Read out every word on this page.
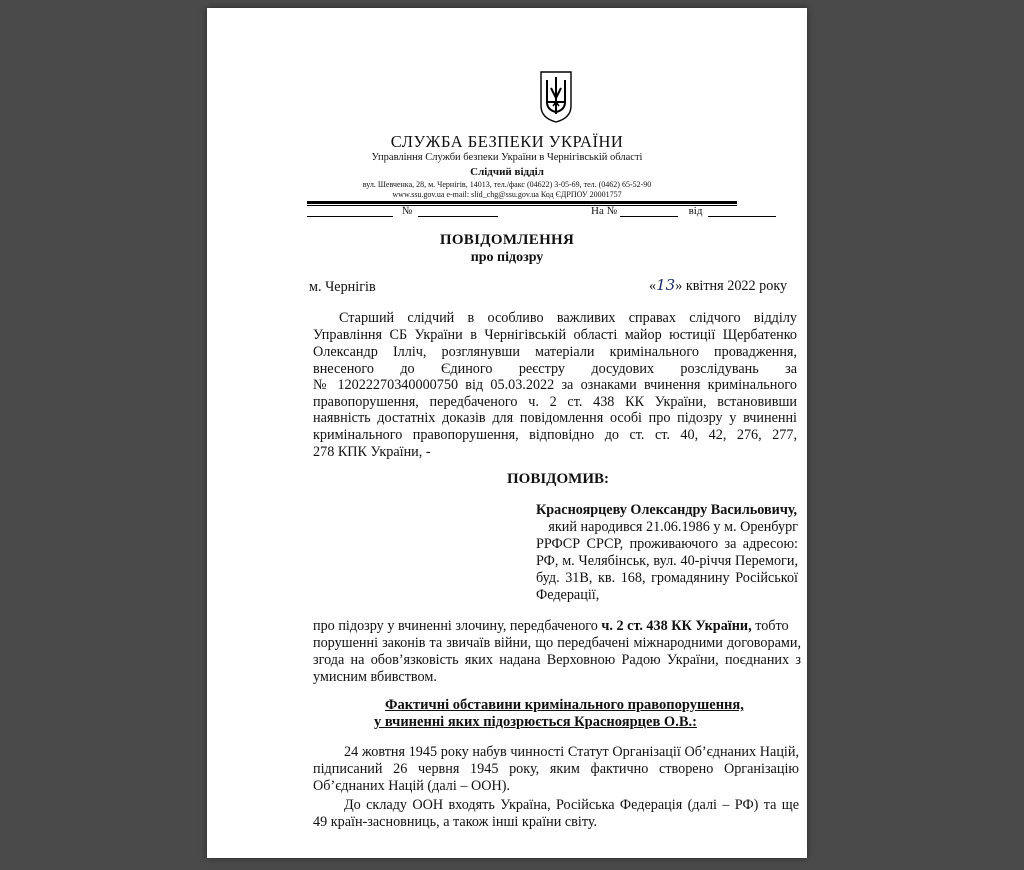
СЛУЖБА БЕЗПЕКИ УКРАЇНИ
Управління Служби безпеки України в Чернігівській області
Слідчий відділ
вул. Шевченка, 28, м. Чернігів, 14013, тел./факс (04622) 3-05-69, тел. (0462) 65-52-90
www.ssu.gov.ua e-mail: slid_chg@ssu.gov.ua Код ЄДРПОУ 20001757
№	На №	від
ПОВІДОМЛЕННЯ
про підозру
м. Чернігів	«13» квітня 2022 року
Старший слідчий в особливо важливих справах слідчого відділу
Управління СБ України в Чернігівській області майор юстиції Щербатенко
Олександр Ілліч, розглянувши матеріали кримінального провадження,
внесеного до Єдиного реєстру досудових розслідувань за
№ 12022270340000750 від 05.03.2022 за ознаками вчинення кримінального
правопорушення, передбаченого ч. 2 ст. 438 КК України, встановивши
наявність достатніх доказів для повідомлення особі про підозру у вчиненні
кримінального правопорушення, відповідно до ст. ст. 40, 42, 276, 277,
278 КПК України, -
ПОВІДОМИВ:
Красноярцеву Олександру Васильовичу,
який народився 21.06.1986 у м. Оренбург
РРФСР СРСР, проживаючого за адресою:
РФ, м. Челябінськ, вул. 40-річчя Перемоги,
буд. 31В, кв. 168, громадянину Російської
Федерації,
про підозру у вчиненні злочину, передбаченого ч. 2 ст. 438 КК України, тобто
порушенні законів та звичаїв війни, що передбачені міжнародними договорами,
згода на обов’язковість яких надана Верховною Радою України, поєднаних з
умисним вбивством.
Фактичні обставини кримінального правопорушення,
у вчиненні яких підозрюється Красноярцев О.В.:
24 жовтня 1945 року набув чинності Статут Організації Об’єднаних Націй,
підписаний 26 червня 1945 року, яким фактично створено Організацію
Об’єднаних Націй (далі – ООН).
До складу ООН входять Україна, Російська Федерація (далі – РФ) та ще
49 країн-засновниць, а також інші країни світу.
